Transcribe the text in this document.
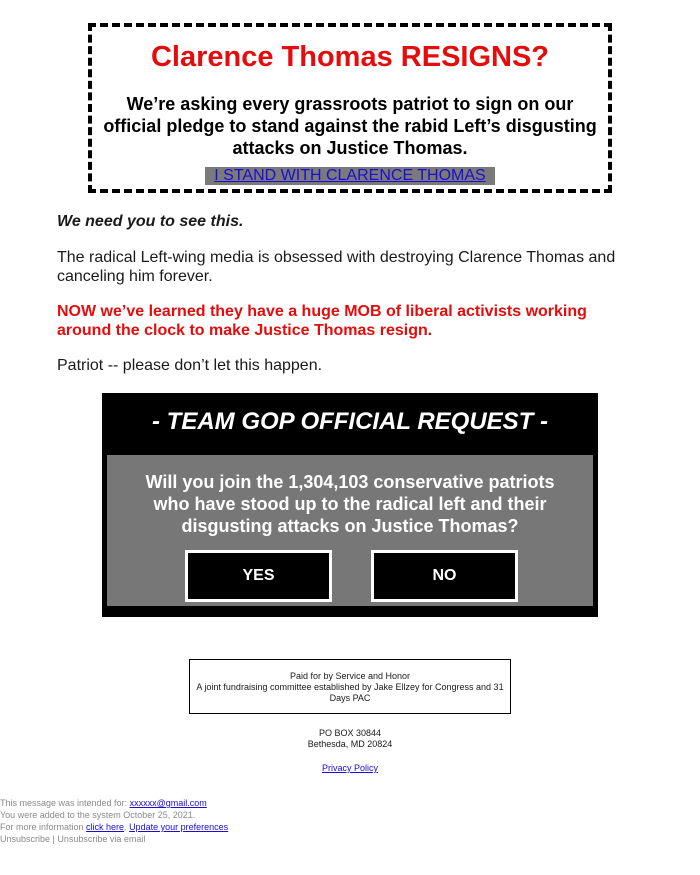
Clarence Thomas RESIGNS?
We’re asking every grassroots patriot to sign on our official pledge to stand against the rabid Left’s disgusting attacks on Justice Thomas.
I STAND WITH CLARENCE THOMAS

We need you to see this.

The radical Left-wing media is obsessed with destroying Clarence Thomas and canceling him forever.

NOW we’ve learned they have a huge MOB of liberal activists working around the clock to make Justice Thomas resign.

Patriot -- please don’t let this happen.

- TEAM GOP OFFICIAL REQUEST -
Will you join the 1,304,103 conservative patriots who have stood up to the radical left and their disgusting attacks on Justice Thomas?
YES	NO
Paid for by Service and Honor
A joint fundraising committee established by Jake Ellzey for Congress and 31 Days PAC
PO BOX 30844
Bethesda, MD 20824
Privacy Policy
This message was intended for: xxxxxx@gmail.com
You were added to the system October 25, 2021.
For more information click here. Update your preferences
Unsubscribe | Unsubscribe via email
